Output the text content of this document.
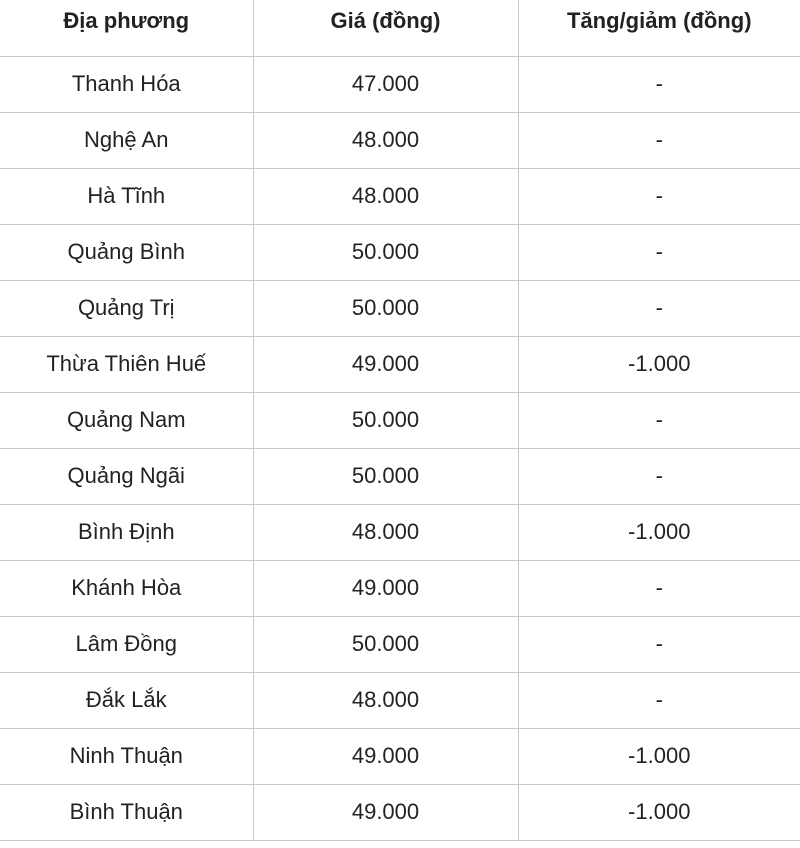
Địa phương	Giá (đồng)	Tăng/giảm (đồng)
Thanh Hóa	47.000	-
Nghệ An	48.000	-
Hà Tĩnh	48.000	-
Quảng Bình	50.000	-
Quảng Trị	50.000	-
Thừa Thiên Huế	49.000	-1.000
Quảng Nam	50.000	-
Quảng Ngãi	50.000	-
Bình Định	48.000	-1.000
Khánh Hòa	49.000	-
Lâm Đồng	50.000	-
Đắk Lắk	48.000	-
Ninh Thuận	49.000	-1.000
Bình Thuận	49.000	-1.000
